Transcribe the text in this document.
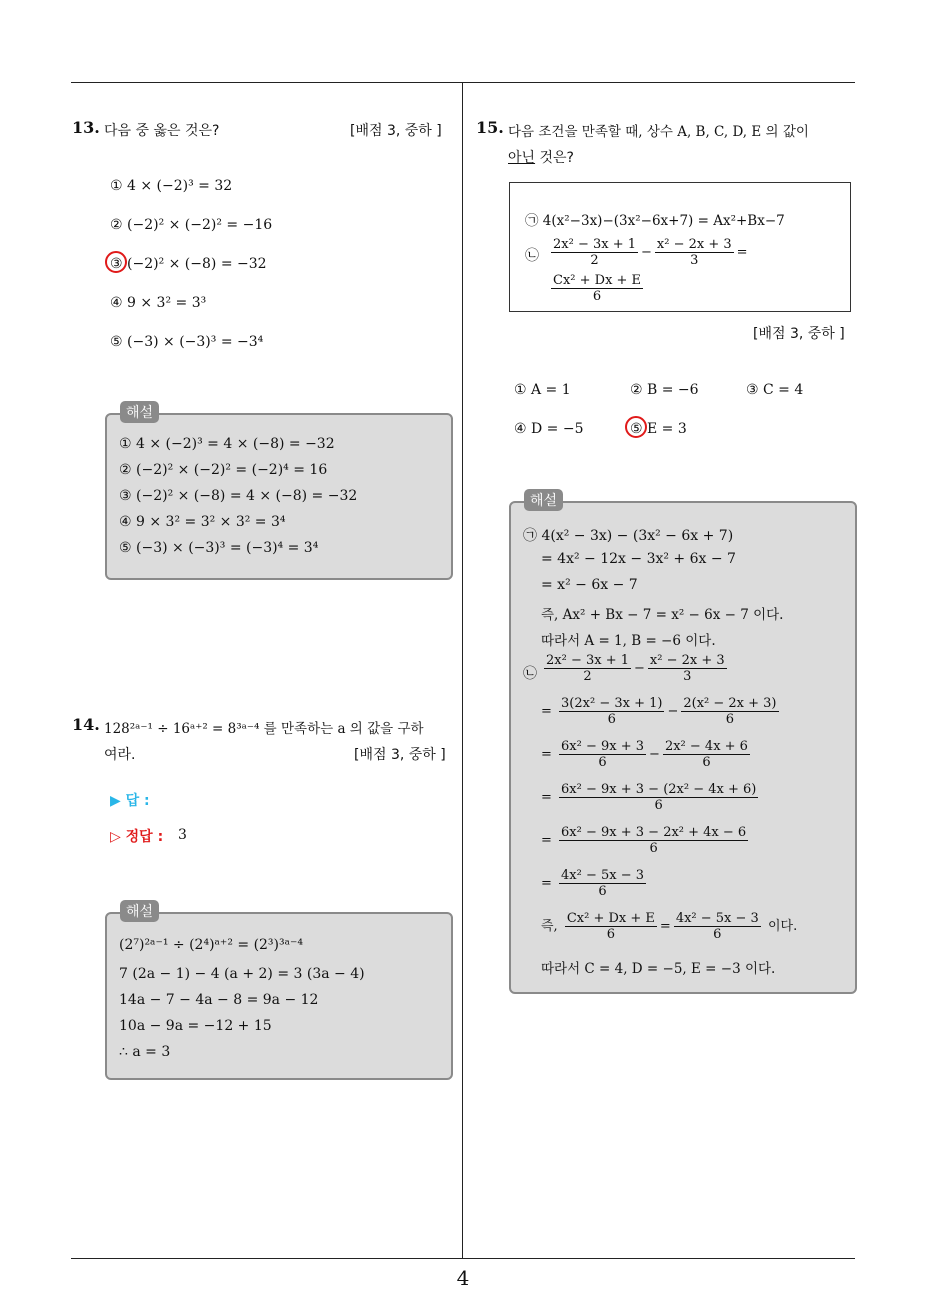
13. 다음 중 옳은 것은?	[배점 3, 중하 ]
① 4 × (−2)³ = 32
② (−2)² × (−2)² = −16
③ (−2)² × (−8) = −32
④ 9 × 3² = 3³
⑤ (−3) × (−3)³ = −3⁴
① 4 × (−2)³ = 4 × (−8) = −32
② (−2)² × (−2)² = (−2)⁴ = 16
③ (−2)² × (−8) = 4 × (−8) = −32
④ 9 × 3² = 3² × 3² = 3⁴
⑤ (−3) × (−3)³ = (−3)⁴ = 3⁴
해설
14. 128²ᵃ⁻¹ ÷ 16ᵃ⁺² = 8³ᵃ⁻⁴ 를 만족하는 a 의 값을 구하
여라.	[배점 3, 중하 ]
▶ 답 :
▷ 정답 : 3
(2⁷)²ᵃ⁻¹ ÷ (2⁴)ᵃ⁺² = (2³)³ᵃ⁻⁴
7 (2a − 1) − 4 (a + 2) = 3 (3a − 4)
14a − 7 − 4a − 8 = 9a − 12
10a − 9a = −12 + 15
∴ a = 3
해설
15. 다음 조건을 만족할 때, 상수 A, B, C, D, E 의 값이
아닌 것은?
㉠ 4(x²−3x)−(3x²−6x+7) = Ax²+Bx−7
㉡ $\frac{\text{2x² − 3x + 1}}{2} - \frac{\text{x² − 2x + 3}}{3}$ =
$\frac{\text{Cx² + Dx + E}}{6}$
[배점 3, 중하 ]
① A = 1	② B = −6	③ C = 4
④ D = −5	⑤ E = 3
㉠ 4(x² − 3x) − (3x² − 6x + 7)
= 4x² − 12x − 3x² + 6x − 7
= x² − 6x − 7
즉, Ax² + Bx − 7 = x² − 6x − 7 이다.
따라서 A = 1, B = −6 이다.
㉡ $\frac{\text{2x² − 3x + 1}}{2} - \frac{\text{x² − 2x + 3}}{3}$
= $\frac{\text{3(2x² − 3x + 1)}}{6} - \frac{\text{2(x² − 2x + 3)}}{6}$
= $\frac{\text{6x² − 9x + 3}}{6} - \frac{\text{2x² − 4x + 6}}{6}$
= $\frac{\text{6x² − 9x + 3 − (2x² − 4x + 6)}}{6}$
= $\frac{\text{6x² − 9x + 3 − 2x² + 4x − 6}}{6}$
= $\frac{\text{4x² − 5x − 3}}{6}$
즉, $\frac{\text{Cx² + Dx + E}}{6} = \frac{\text{4x² − 5x − 3}}{6}$ 이다.
따라서 C = 4, D = −5, E = −3 이다.
해설
4
